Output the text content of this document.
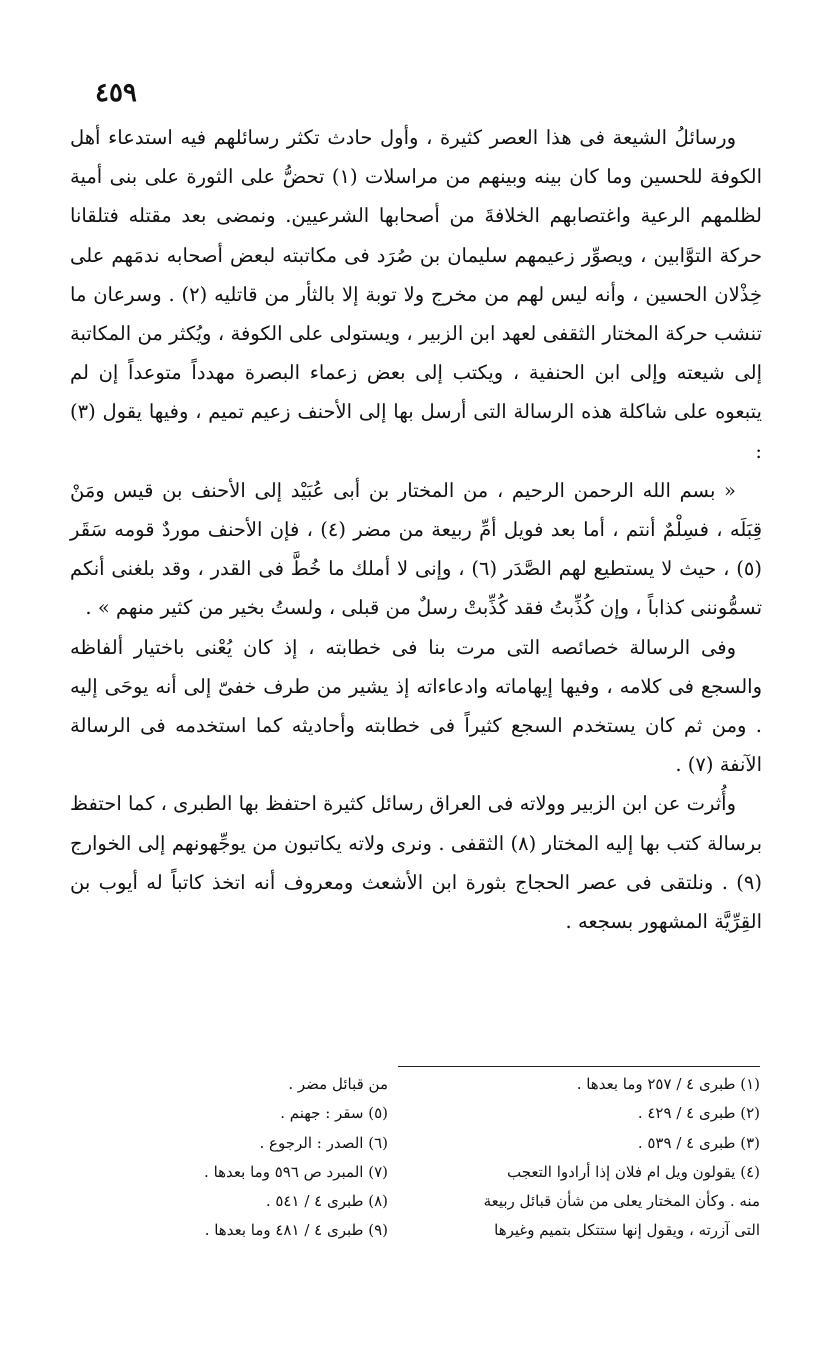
٤٥٩

ورسائلُ الشيعة فى هذا العصر كثيرة ، وأول حادث تكثر رسائلهم فيه استدعاء أهل الكوفة للحسين وما كان بينه وبينهم من مراسلات (١) تحضُّ على الثورة على بنى أمية لظلمهم الرعية واغتصابهم الخلافةَ من أصحابها الشرعيين. ونمضى بعد مقتله فتلقانا حركة التوَّابين ، ويصوِّر زعيمهم سليمان بن صُرَد فى مكاتبته لبعض أصحابه ندمَهم على خِذْلان الحسين ، وأنه ليس لهم من مخرج ولا توبة إلا بالثأر من قاتليه (٢) . وسرعان ما تنشب حركة المختار الثقفى لعهد ابن الزبير ، ويستولى على الكوفة ، ويُكثر من المكاتبة إلى شيعته وإلى ابن الحنفية ، ويكتب إلى بعض زعماء البصرة مهدداً متوعداً إن لم يتبعوه على شاكلة هذه الرسالة التى أرسل بها إلى الأحنف زعيم تميم ، وفيها يقول (٣) :

« بسم الله الرحمن الرحيم ، من المختار بن أبى عُبَيْد إلى الأحنف بن قيس ومَنْ قِبَلَه ، فسِلْمٌ أنتم ، أما بعد فويل أمِّ ربيعة من مضر (٤) ، فإن الأحنف موردٌ قومه سَقَر (٥) ، حيث لا يستطيع لهم الصَّدَر (٦) ، وإنى لا أملك ما خُطَّ فى القدر ، وقد بلغنى أنكم تسمُّوننى كذاباً ، وإن كُذِّبتُ فقد كُذِّبتْ رسلٌ من قبلى ، ولستُ بخير من كثير منهم » .

وفى الرسالة خصائصه التى مرت بنا فى خطابته ، إذ كان يُعْنى باختيار ألفاظه والسجع فى كلامه ، وفيها إيهاماته وادعاءاته إذ يشير من طرف خفىّ إلى أنه يوحَى إليه . ومن ثم كان يستخدم السجع كثيراً فى خطابته وأحاديثه كما استخدمه فى الرسالة الآنفة (٧) .

وأُثرت عن ابن الزبير وولاته فى العراق رسائل كثيرة احتفظ بها الطبرى ، كما احتفظ برسالة كتب بها إليه المختار (٨) الثقفى . ونرى ولاته يكاتبون من يوجِّهونهم إلى الخوارج (٩) . ونلتقى فى عصر الحجاج بثورة ابن الأشعث ومعروف أنه اتخذ كاتباً له أيوب بن القِرِّيَّة المشهور بسجعه .

(١) طبرى ٤ / ٢٥٧ وما بعدها .
(٢) طبرى ٤ / ٤٢٩ .
(٣) طبرى ٤ / ٥٣٩ .
(٤) يقولون ويل ام فلان إذا أرادوا التعجب
منه . وكأن المختار يعلى من شأن قبائل ربيعة
التى آزرته ، ويقول إنها ستتكل بتميم وغيرها
من قبائل مضر .
(٥) سقر : جهنم .
(٦) الصدر : الرجوع .
(٧) المبرد ص ٥٩٦ وما بعدها .
(٨) طبرى ٤ / ٥٤١ .
(٩) طبرى ٤ / ٤٨١ وما بعدها .
